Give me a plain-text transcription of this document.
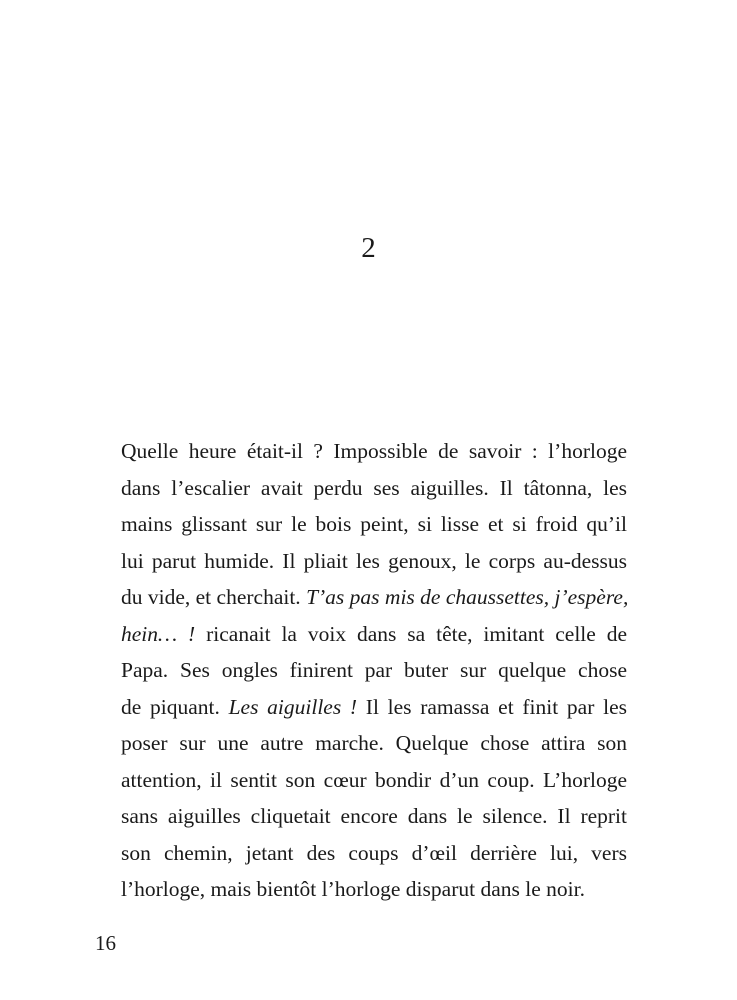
2
Quelle heure était-il ? Impossible de savoir : l’horloge
dans l’escalier avait perdu ses aiguilles. Il tâtonna, les
mains glissant sur le bois peint, si lisse et si froid qu’il
lui parut humide. Il pliait les genoux, le corps au-dessus
du vide, et cherchait. T’as pas mis de chaussettes, j’espère,
hein… ! ricanait la voix dans sa tête, imitant celle de
Papa. Ses ongles finirent par buter sur quelque chose
de piquant. Les aiguilles ! Il les ramassa et finit par les
poser sur une autre marche. Quelque chose attira son
attention, il sentit son cœur bondir d’un coup. L’horloge
sans aiguilles cliquetait encore dans le silence. Il reprit
son chemin, jetant des coups d’œil derrière lui, vers
l’horloge, mais bientôt l’horloge disparut dans le noir.
16
